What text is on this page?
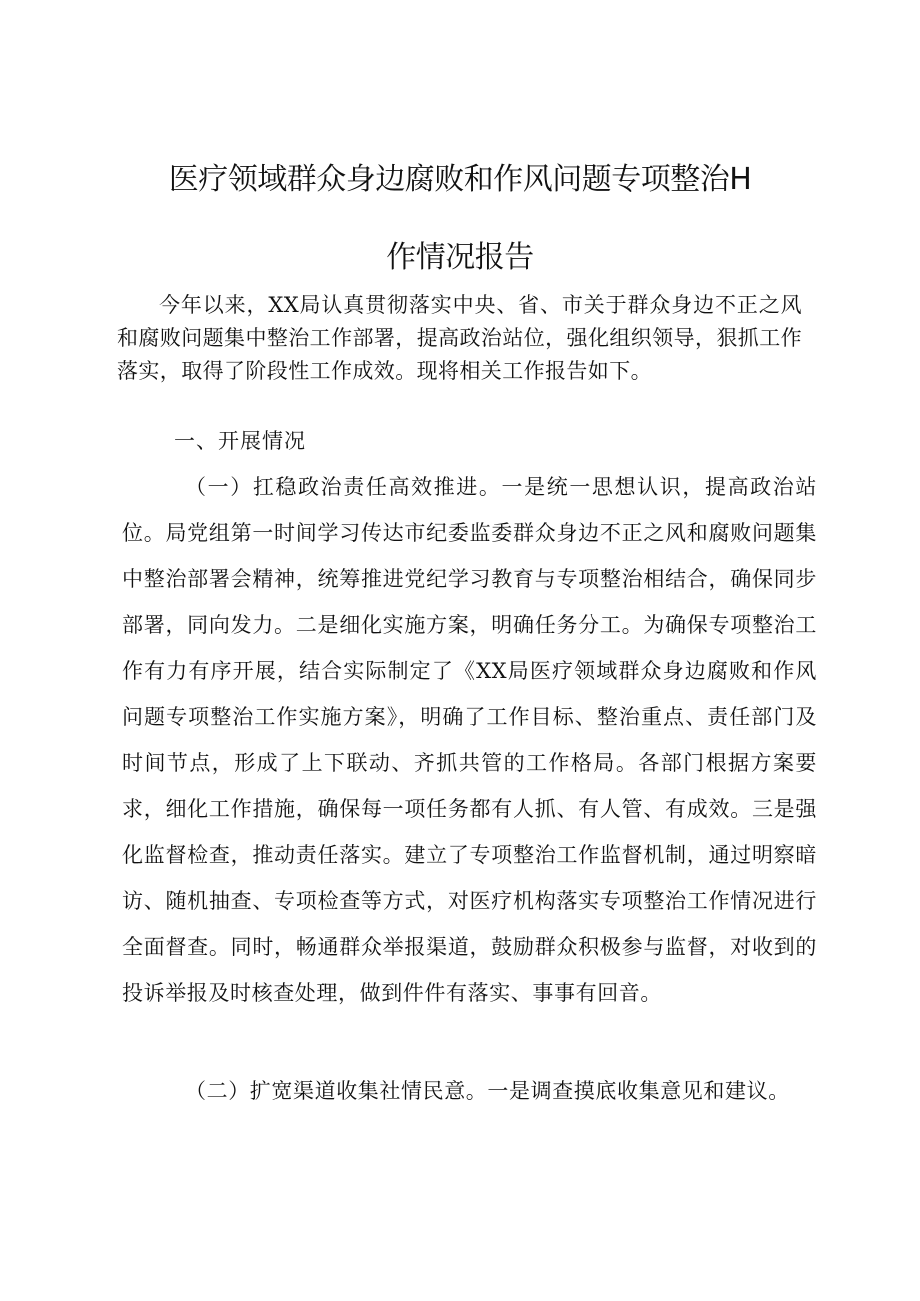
医疗领域群众身边腐败和作风问题专项整治H
作情况报告

今年以来，XX局认真贯彻落实中央、省、市关于群众身边不正之风和腐败问题集中整治工作部署，提高政治站位，强化组织领导，狠抓工作落实，取得了阶段性工作成效。现将相关工作报告如下。

一、开展情况

（一）扛稳政治责任高效推进。一是统一思想认识，提高政治站位。局党组第一时间学习传达市纪委监委群众身边不正之风和腐败问题集中整治部署会精神，统筹推进党纪学习教育与专项整治相结合，确保同步部署，同向发力。二是细化实施方案，明确任务分工。为确保专项整治工作有力有序开展，结合实际制定了《XX局医疗领域群众身边腐败和作风问题专项整治工作实施方案》，明确了工作目标、整治重点、责任部门及时间节点，形成了上下联动、齐抓共管的工作格局。各部门根据方案要求，细化工作措施，确保每一项任务都有人抓、有人管、有成效。三是强化监督检查，推动责任落实。建立了专项整治工作监督机制，通过明察暗访、随机抽查、专项检查等方式，对医疗机构落实专项整治工作情况进行全面督查。同时，畅通群众举报渠道，鼓励群众积极参与监督，对收到的投诉举报及时核查处理，做到件件有落实、事事有回音。

（二）扩宽渠道收集社情民意。一是调查摸底收集意见和建议。
